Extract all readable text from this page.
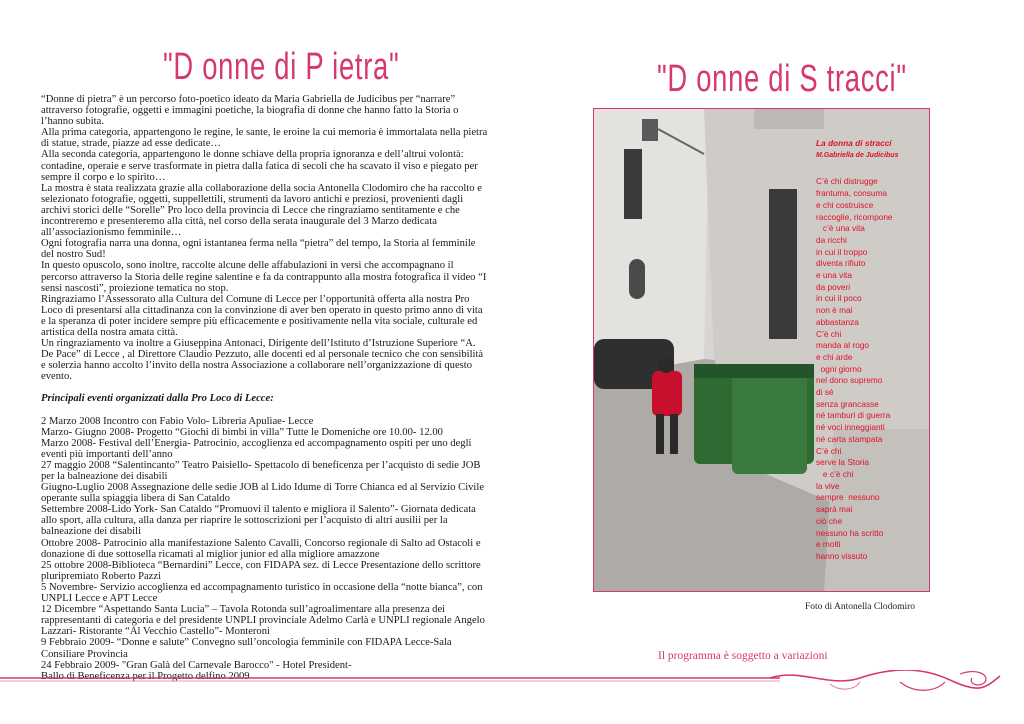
"D onne di P ietra"	"D onne di S tracci"

“Donne di pietra” è un percorso foto-poetico ideato da Maria Gabriella de Judicibus per “narrare” attraverso fotografie, oggetti e immagini poetiche, la biografia di donne che hanno fatto la Storia o l’hanno subita.

Alla prima categoria, appartengono le regine, le sante, le eroine la cui memoria è immortalata nella pietra di statue, strade, piazze ad esse dedicate…

Alla seconda categoria, appartengono le donne schiave della propria ignoranza e dell’altrui volontà: contadine, operaie e serve trasformate in pietra dalla fatica di secoli che ha scavato il viso e piegato per sempre il corpo e lo spirito…

La mostra è stata realizzata grazie alla collaborazione della socia Antonella Clodomiro che ha raccolto e selezionato fotografie, oggetti, suppellettili, strumenti da lavoro antichi e preziosi, provenienti dagli archivi storici delle “Sorelle” Pro loco della provincia di Lecce che ringraziamo sentitamente e che incontreremo e presenteremo alla città, nel corso della serata inaugurale del 3 Marzo dedicata all’associazionismo femminile…

Ogni fotografia narra una donna, ogni istantanea ferma nella “pietra” del tempo, la Storia al femminile del nostro Sud!

In questo opuscolo, sono inoltre, raccolte alcune delle affabulazioni in versi che accompagnano il percorso attraverso la Storia delle regine salentine e fa da contrappunto alla mostra fotografica il video “I sensi nascosti”, proiezione tematica no stop.

Ringraziamo l’Assessorato alla Cultura del Comune di Lecce per l’opportunità offerta alla nostra Pro Loco di presentarsi alla cittadinanza con la convinzione di aver ben operato in questo primo anno di vita e la speranza di poter incidere sempre più efficacemente e positivamente nella vita sociale, culturale ed artistica della nostra amata città.

Un ringraziamento va inoltre a Giuseppina Antonaci, Dirigente dell’Istituto d’Istruzione Superiore “A. De Pace” di Lecce , al Direttore Claudio Pezzuto, alle docenti ed al personale tecnico che con sensibilità e solerzia hanno accolto l’invito della nostra Associazione a collaborare nell’organizzazione di questo evento.

Principali eventi organizzati dalla Pro Loco di Lecce:

2 Marzo 2008 Incontro con Fabio Volo- Libreria Apuliae- Lecce

Marzo- Giugno 2008- Progetto “Giochi di bimbi in villa” Tutte le Domeniche ore 10.00- 12.00

Marzo 2008- Festival dell’Energia- Patrocinio, accoglienza ed accompagnamento ospiti per uno degli eventi più importanti dell’anno

27 maggio 2008 “Salentincanto” Teatro Paisiello- Spettacolo di beneficenza per l’acquisto di sedie JOB per la balneazione dei disabili

Giugno-Luglio 2008 Assegnazione delle sedie JOB al Lido Idume di Torre Chianca ed al Servizio Civile operante sulla spiaggia libera di San Cataldo

Settembre 2008-Lido York- San Cataldo “Promuovi il talento e migliora il Salento”- Giornata dedicata allo sport, alla cultura, alla danza per riaprire le sottoscrizioni per l’acquisto di altri ausilii per la balneazione dei disabili

Ottobre 2008- Patrocinio alla manifestazione Salento Cavalli, Concorso regionale di Salto ad Ostacoli e donazione di due sottosella ricamati al miglior junior ed alla migliore amazzone

25 ottobre 2008-Biblioteca “Bernardini” Lecce, con FIDAPA sez. di Lecce Presentazione dello scrittore pluripremiato Roberto Pazzi

5 Novembre- Servizio accoglienza ed accompagnamento turistico in occasione della “notte bianca”, con UNPLI Lecce e APT Lecce

12 Dicembre “Aspettando Santa Lucia” – Tavola Rotonda sull’agroalimentare alla presenza dei rappresentanti di categoria e del presidente UNPLI provinciale Adelmo Carlà e UNPLI regionale Angelo Lazzari- Ristorante “Al Vecchio Castello”- Monteroni

9 Febbraio 2009- “Donne e salute” Convegno sull’oncologia femminile con FIDAPA Lecce-Sala Consiliare Provincia

24 Febbraio 2009- "Gran Galà del Carnevale Barocco" - Hotel President-

Ballo di Beneficenza per il Progetto delfino 2009

La donna di stracci
M.Gabriella de Judicibus
C’è chi distrugge
frantuma, consuma
e chi costruisce
raccoglie, ricompone
c’è una vita
da ricchi
in cui il troppo
diventa rifiuto
e una vita
da poveri
in cui il poco
non è mai
abbastanza
C’è chi
manda al rogo
e chi arde
ogni giorno
nel dono supremo
di sé
senza grancasse
né tamburi di guerra
né voci inneggianti
né carta stampata
C’è chi
serve la Storia
e c’è chi
la vive
sempre  nessuno
saprà mai
ciò che
nessuno ha scritto
e molti
hanno vissuto
Foto di Antonella Clodomiro
Il programma è soggetto a variazioni
